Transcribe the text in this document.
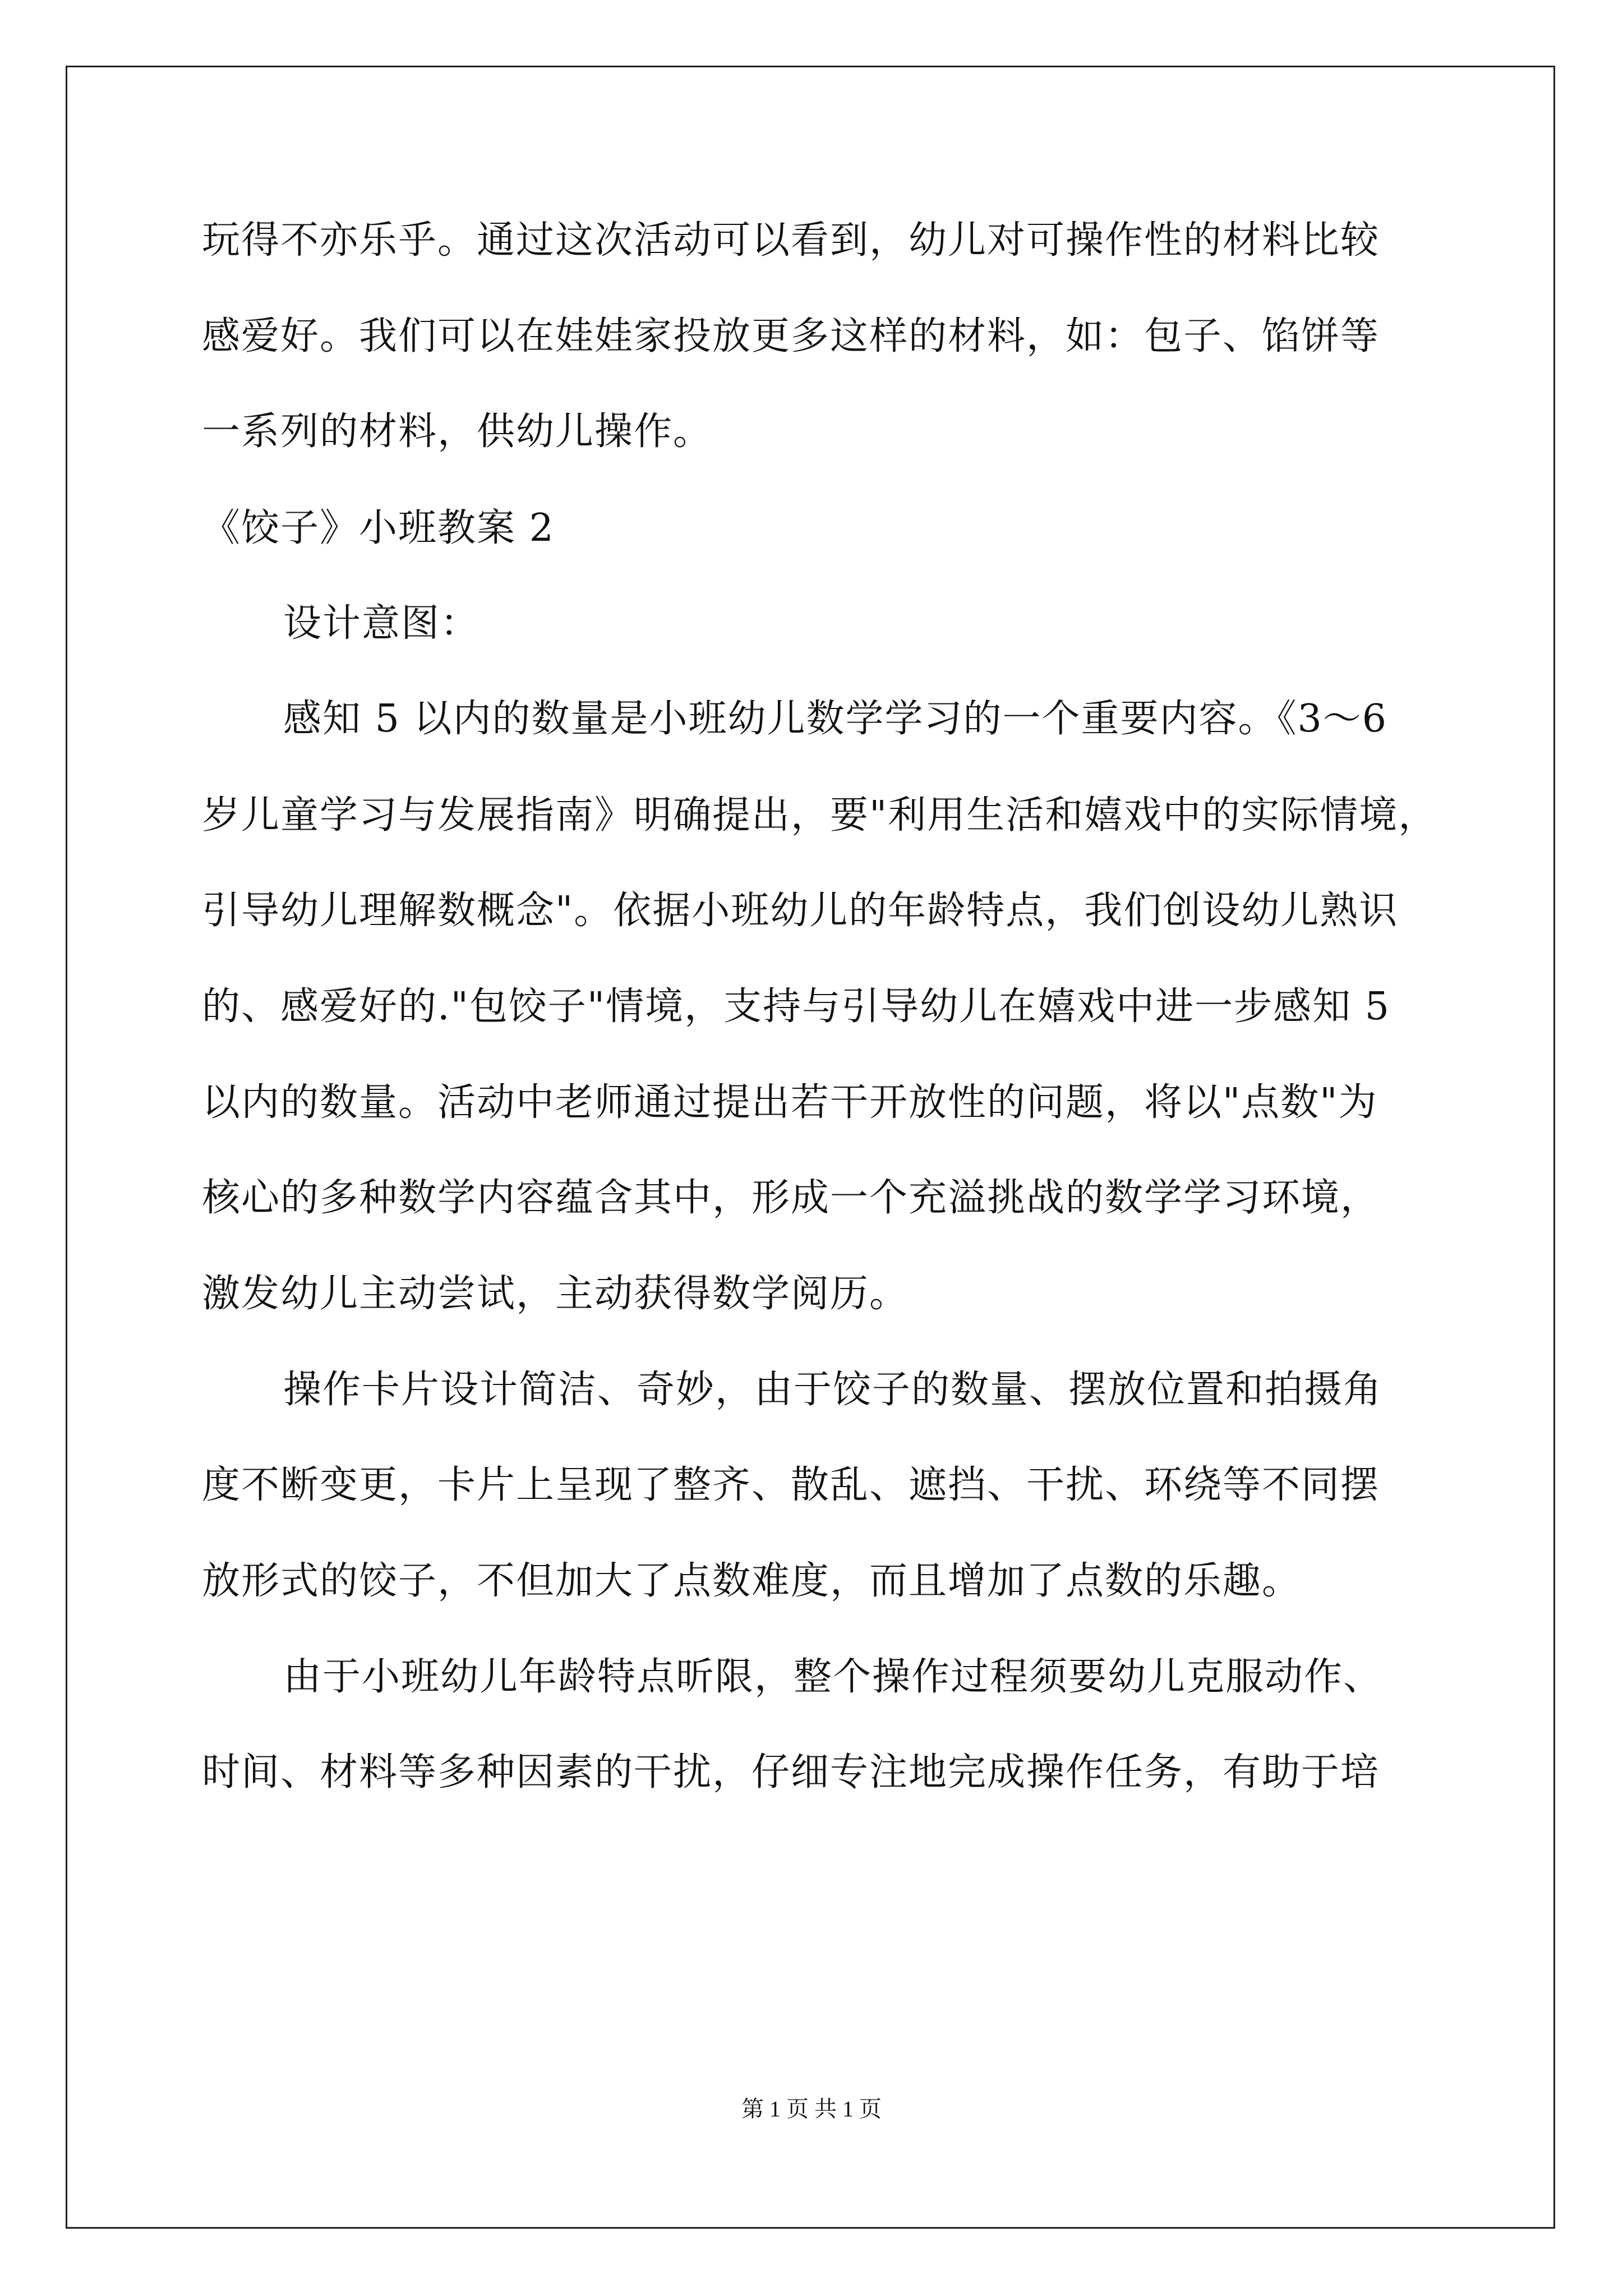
玩得不亦乐乎。通过这次活动可以看到，幼儿对可操作性的材料比较
感爱好。我们可以在娃娃家投放更多这样的材料，如：包子、馅饼等
一系列的材料，供幼儿操作。
《饺子》小班教案 2
设计意图：
感知 5 以内的数量是小班幼儿数学学习的一个重要内容。《3～6
岁儿童学习与发展指南》明确提出，要"利用生活和嬉戏中的实际情境，
引导幼儿理解数概念"。依据小班幼儿的年龄特点，我们创设幼儿熟识
的、感爱好的."包饺子"情境，支持与引导幼儿在嬉戏中进一步感知 5
以内的数量。活动中老师通过提出若干开放性的问题，将以"点数"为
核心的多种数学内容蕴含其中，形成一个充溢挑战的数学学习环境，
激发幼儿主动尝试，主动获得数学阅历。
操作卡片设计简洁、奇妙，由于饺子的数量、摆放位置和拍摄角
度不断变更，卡片上呈现了整齐、散乱、遮挡、干扰、环绕等不同摆
放形式的饺子，不但加大了点数难度，而且增加了点数的乐趣。
由于小班幼儿年龄特点昕限，整个操作过程须要幼儿克服动作、
时间、材料等多种因素的干扰，仔细专注地完成操作任务，有助于培
第 1 页 共 1 页
